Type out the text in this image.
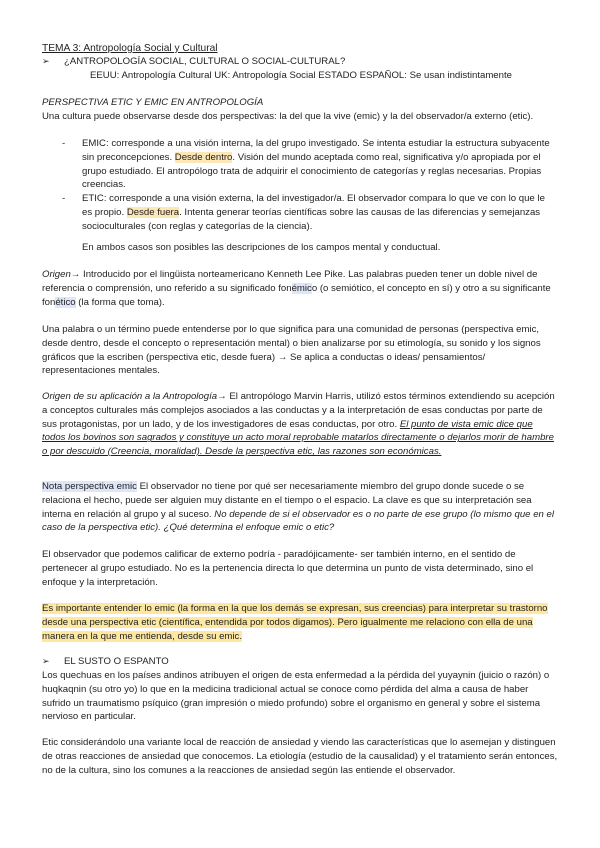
TEMA 3: Antropología Social y Cultural

➢	¿ANTROPOLOGÍA SOCIAL, CULTURAL O SOCIAL-CULTURAL?

EEUU: Antropología Cultural UK: Antropología Social ESTADO ESPAÑOL: Se usan indistintamente

PERSPECTIVA ETIC Y EMIC EN ANTROPOLOGÍA

Una cultura puede observarse desde dos perspectivas: la del que la vive (emic) y la del observador/a externo (etic).

- EMIC: corresponde a una visión interna, la del grupo investigado. Se intenta estudiar la estructura subyacente sin preconcepciones. Desde dentro. Visión del mundo aceptada como real, significativa y/o apropiada por el grupo estudiado. El antropólogo trata de adquirir el conocimiento de categorías y reglas necesarias. Propias creencias.
- ETIC: corresponde a una visión externa, la del investigador/a. El observador compara lo que ve con lo que le es propio. Desde fuera. Intenta generar teorías científicas sobre las causas de las diferencias y semejanzas socioculturales (con reglas y categorías de la ciencia).

En ambos casos son posibles las descripciones de los campos mental y conductual.

Origen→ Introducido por el lingüista norteamericano Kenneth Lee Pike. Las palabras pueden tener un doble nivel de referencia o comprensión, uno referido a su significado fonémico (o semiótico, el concepto en sí) y otro a su significante fonético (la forma que toma).

Una palabra o un término puede entenderse por lo que significa para una comunidad de personas (perspectiva emic, desde dentro, desde el concepto o representación mental) o bien analizarse por su etimología, su sonido y los signos gráficos que la escriben (perspectiva etic, desde fuera) → Se aplica a conductas o ideas/ pensamientos/ representaciones mentales.

Origen de su aplicación a la Antropología→ El antropólogo Marvin Harris, utilizó estos términos extendiendo su acepción a conceptos culturales más complejos asociados a las conductas y a la interpretación de esas conductas por parte de sus protagonistas, por un lado, y de los investigadores de esas conductas, por otro. El punto de vista emic dice que todos los bovinos son sagrados y constituye un acto moral reprobable matarlos directamente o dejarlos morir de hambre o por descuido (Creencia, moralidad). Desde la perspectiva etic, las razones son económicas.

Nota perspectiva emic El observador no tiene por qué ser necesariamente miembro del grupo donde sucede o se relaciona el hecho, puede ser alguien muy distante en el tiempo o el espacio. La clave es que su interpretación sea interna en relación al grupo y al suceso. No depende de si el observador es o no parte de ese grupo (lo mismo que en el caso de la perspectiva etic). ¿Qué determina el enfoque emic o etic?

El observador que podemos calificar de externo podría - paradójicamente- ser también interno, en el sentido de pertenecer al grupo estudiado. No es la pertenencia directa lo que determina un punto de vista determinado, sino el enfoque y la interpretación.

Es importante entender lo emic (la forma en la que los demás se expresan, sus creencias) para interpretar su trastorno desde una perspectiva etic (científica, entendida por todos digamos). Pero igualmente me relaciono con ella de una manera en la que me entienda, desde su emic.

➢	EL SUSTO O ESPANTO

Los quechuas en los países andinos atribuyen el origen de esta enfermedad a la pérdida del yuyaynin (juicio o razón) o huqkaqnin (su otro yo) lo que en la medicina tradicional actual se conoce como pérdida del alma a causa de haber sufrido un traumatismo psíquico (gran impresión o miedo profundo) sobre el organismo en general y sobre el sistema nervioso en particular.

Etic considerándolo una variante local de reacción de ansiedad y viendo las características que lo asemejan y distinguen de otras reacciones de ansiedad que conocemos. La etiología (estudio de la causalidad) y el tratamiento serán entonces, no de la cultura, sino los comunes a la reacciones de ansiedad según las entiende el observador.
